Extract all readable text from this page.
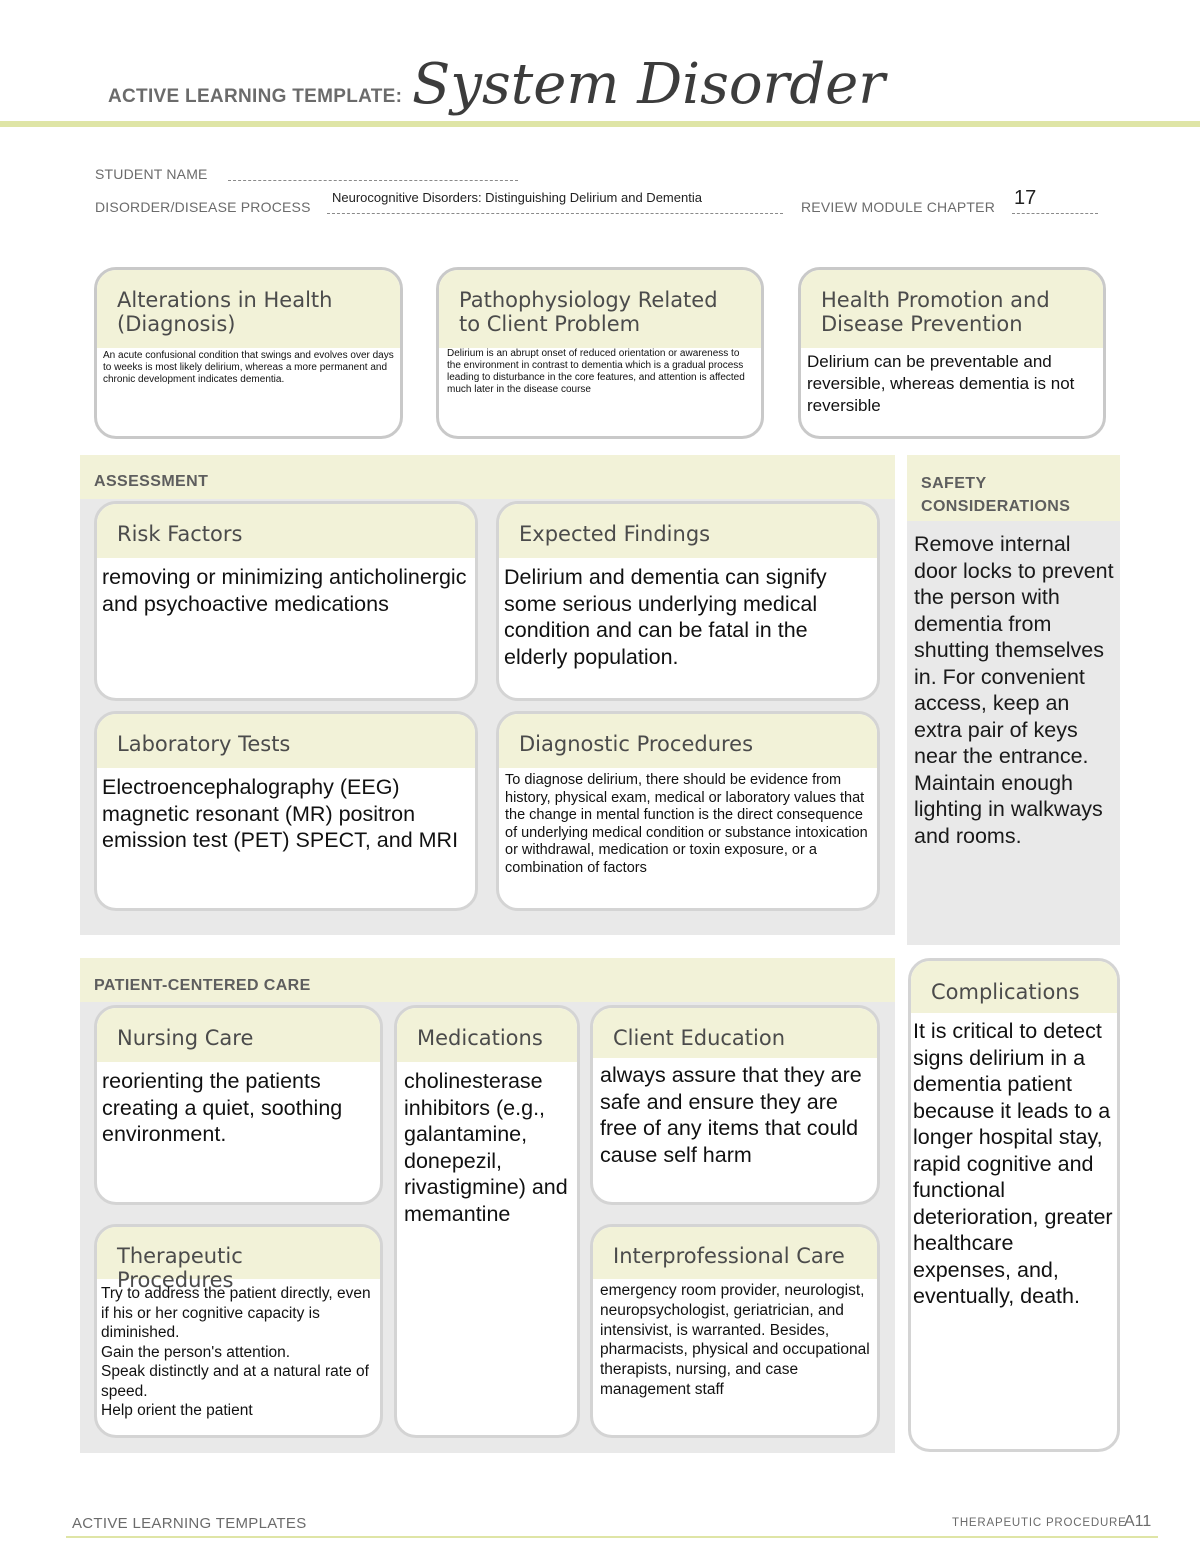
ACTIVE LEARNING TEMPLATE: System Disorder
STUDENT NAME
DISORDER/DISEASE PROCESS
Neurocognitive Disorders: Distinguishing Delirium and Dementia
REVIEW MODULE CHAPTER 17
Alterations in Health (Diagnosis)
An acute confusional condition that swings and evolves over days to weeks is most likely delirium, whereas a more permanent and chronic development indicates dementia.
Pathophysiology Related to Client Problem
Delirium is an abrupt onset of reduced orientation or awareness to the environment in contrast to dementia which is a gradual process leading to disturbance in the core features, and attention is affected much later in the disease course
Health Promotion and Disease Prevention
Delirium can be preventable and reversible, whereas dementia is not reversible
ASSESSMENT
Risk Factors
removing or minimizing anticholinergic and psychoactive medications
Expected Findings
Delirium and dementia can signify some serious underlying medical condition and can be fatal in the elderly population.
Laboratory Tests
Electroencephalography (EEG) magnetic resonant (MR) positron emission test (PET) SPECT, and MRI
Diagnostic Procedures
To diagnose delirium, there should be evidence from history, physical exam, medical or laboratory values that the change in mental function is the direct consequence of underlying medical condition or substance intoxication or withdrawal, medication or toxin exposure, or a combination of factors
SAFETY CONSIDERATIONS
Remove internal door locks to prevent the person with dementia from shutting themselves in. For convenient access, keep an extra pair of keys near the entrance. Maintain enough lighting in walkways and rooms.
PATIENT-CENTERED CARE
Nursing Care
reorienting the patients creating a quiet, soothing environment.
Medications
cholinesterase inhibitors (e.g., galantamine, donepezil, rivastigmine) and memantine
Client Education
always assure that they are safe and ensure they are free of any items that could cause self harm
Therapeutic Procedures
Try to address the patient directly, even if his or her cognitive capacity is diminished.
Gain the person's attention.
Speak distinctly and at a natural rate of speed.
Help orient the patient
Interprofessional Care
emergency room provider, neurologist, neuropsychologist, geriatrician, and intensivist, is warranted. Besides, pharmacists, physical and occupational therapists, nursing, and case management staff
Complications
It is critical to detect signs delirium in a dementia patient because it leads to a longer hospital stay, rapid cognitive and functional deterioration, greater healthcare expenses, and, eventually, death.
ACTIVE LEARNING TEMPLATES	THERAPEUTIC PROCEDURE
A11
